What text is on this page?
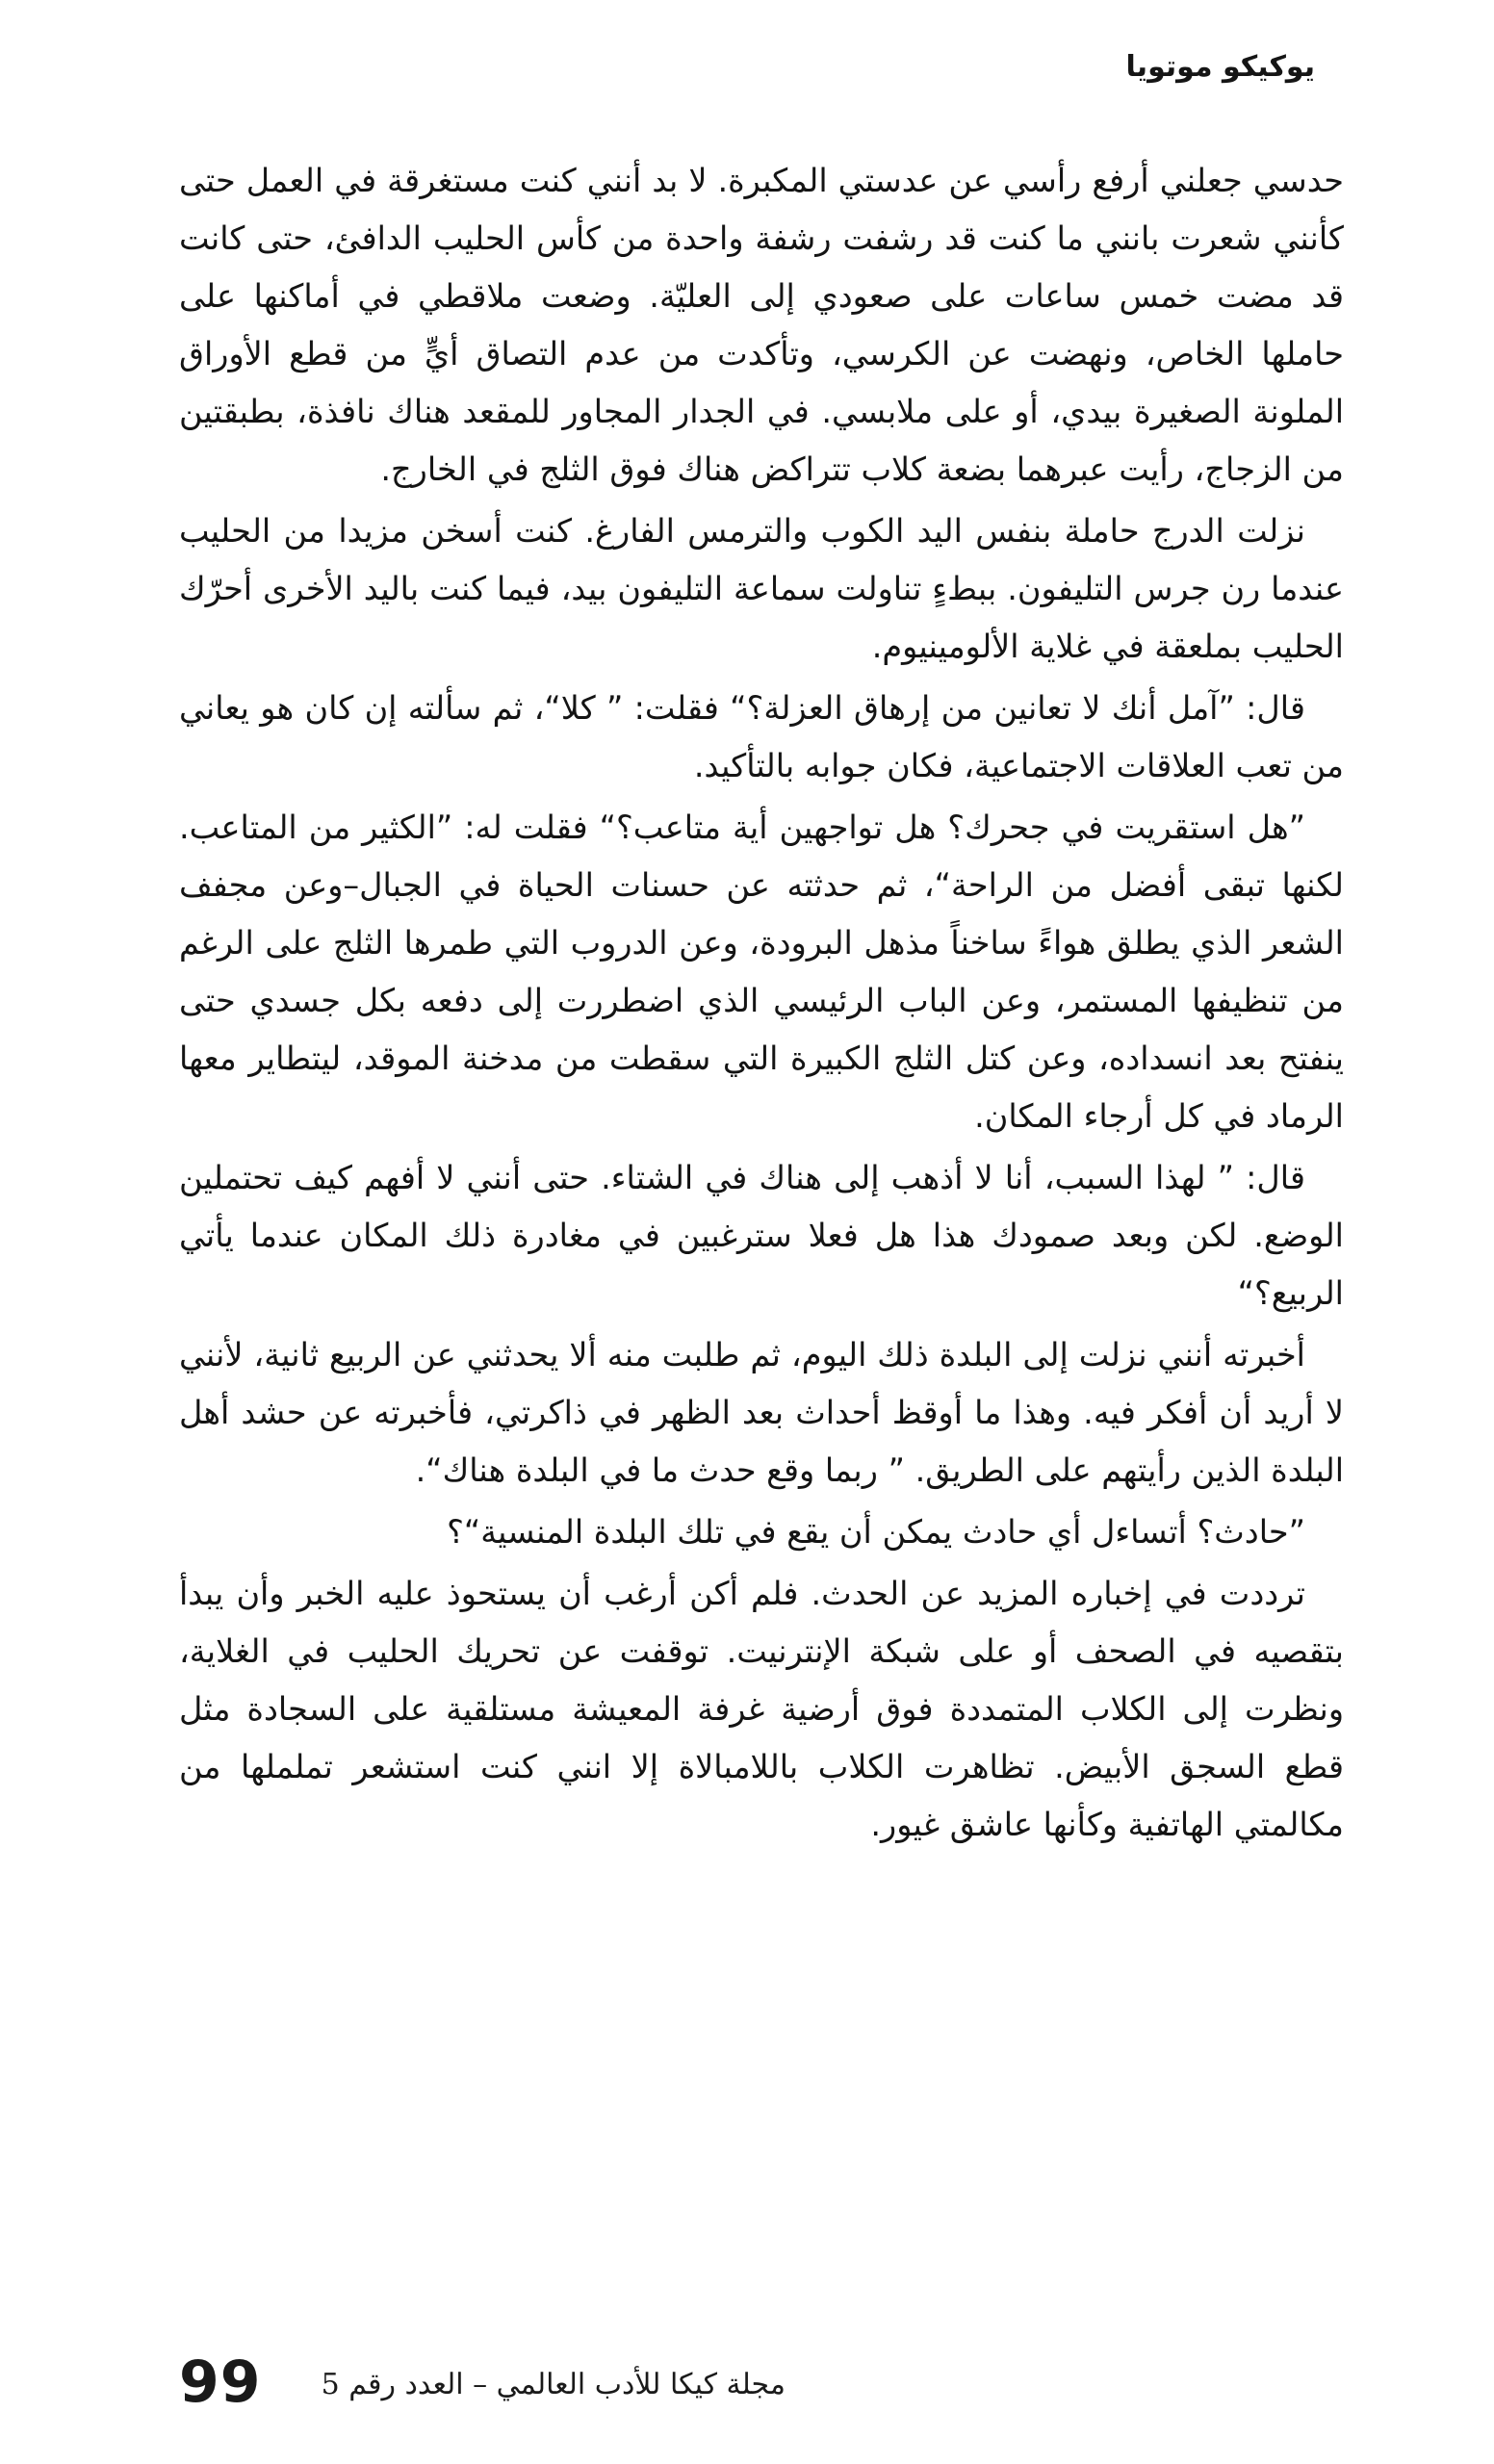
يوكيكو موتويا

حدسي جعلني أرفع رأسي عن عدستي المكبرة. لا بد أنني كنت مستغرقة في العمل حتى كأنني شعرت بانني ما كنت قد رشفت رشفة واحدة من كأس الحليب الدافئ، حتى كانت قد مضت خمس ساعات على صعودي إلى العليّة. وضعت ملاقطي في أماكنها على حاملها الخاص، ونهضت عن الكرسي، وتأكدت من عدم التصاق أيٍّ من قطع الأوراق الملونة الصغيرة بيدي، أو على ملابسي. في الجدار المجاور للمقعد هناك نافذة، بطبقتين من الزجاج، رأيت عبرهما بضعة كلاب تتراكض هناك فوق الثلج في الخارج.

نزلت الدرج حاملة بنفس اليد الكوب والترمس الفارغ. كنت أسخن مزيدا من الحليب عندما رن جرس التليفون. ببطءٍ تناولت سماعة التليفون بيد، فيما كنت باليد الأخرى أحرّك الحليب بملعقة في غلاية الألومينيوم.

قال: ”آمل أنك لا تعانين من إرهاق العزلة؟“ فقلت: ” كلا“، ثم سألته إن كان هو يعاني من تعب العلاقات الاجتماعية، فكان جوابه بالتأكيد.

”هل استقريت في جحرك؟ هل تواجهين أية متاعب؟“ فقلت له: ”الكثير من المتاعب. لكنها تبقى أفضل من الراحة“، ثم حدثته عن حسنات الحياة في الجبال–وعن مجفف الشعر الذي يطلق هواءً ساخناً مذهل البرودة، وعن الدروب التي طمرها الثلج على الرغم من تنظيفها المستمر، وعن الباب الرئيسي الذي اضطررت إلى دفعه بكل جسدي حتى ينفتح بعد انسداده، وعن كتل الثلج الكبيرة التي سقطت من مدخنة الموقد، ليتطاير معها الرماد في كل أرجاء المكان.

قال: ” لهذا السبب، أنا لا أذهب إلى هناك في الشتاء. حتى أنني لا أفهم كيف تحتملين الوضع. لكن وبعد صمودك هذا هل فعلا سترغبين في مغادرة ذلك المكان عندما يأتي الربيع؟“

أخبرته أنني نزلت إلى البلدة ذلك اليوم، ثم طلبت منه ألا يحدثني عن الربيع ثانية، لأنني لا أريد أن أفكر فيه. وهذا ما أوقظ أحداث بعد الظهر في ذاكرتي، فأخبرته عن حشد أهل البلدة الذين رأيتهم على الطريق. ” ربما وقع حدث ما في البلدة هناك“.

”حادث؟ أتساءل أي حادث يمكن أن يقع في تلك البلدة المنسية“؟

ترددت في إخباره المزيد عن الحدث. فلم أكن أرغب أن يستحوذ عليه الخبر وأن يبدأ بتقصيه في الصحف أو على شبكة الإنترنيت. توقفت عن تحريك الحليب في الغلاية، ونظرت إلى الكلاب المتمددة فوق أرضية غرفة المعيشة مستلقية على السجادة مثل قطع السجق الأبيض. تظاهرت الكلاب باللامبالاة إلا انني كنت استشعر تململها من مكالمتي الهاتفية وكأنها عاشق غيور.

99	مجلة كيكا للأدب العالمي – العدد رقم 5
